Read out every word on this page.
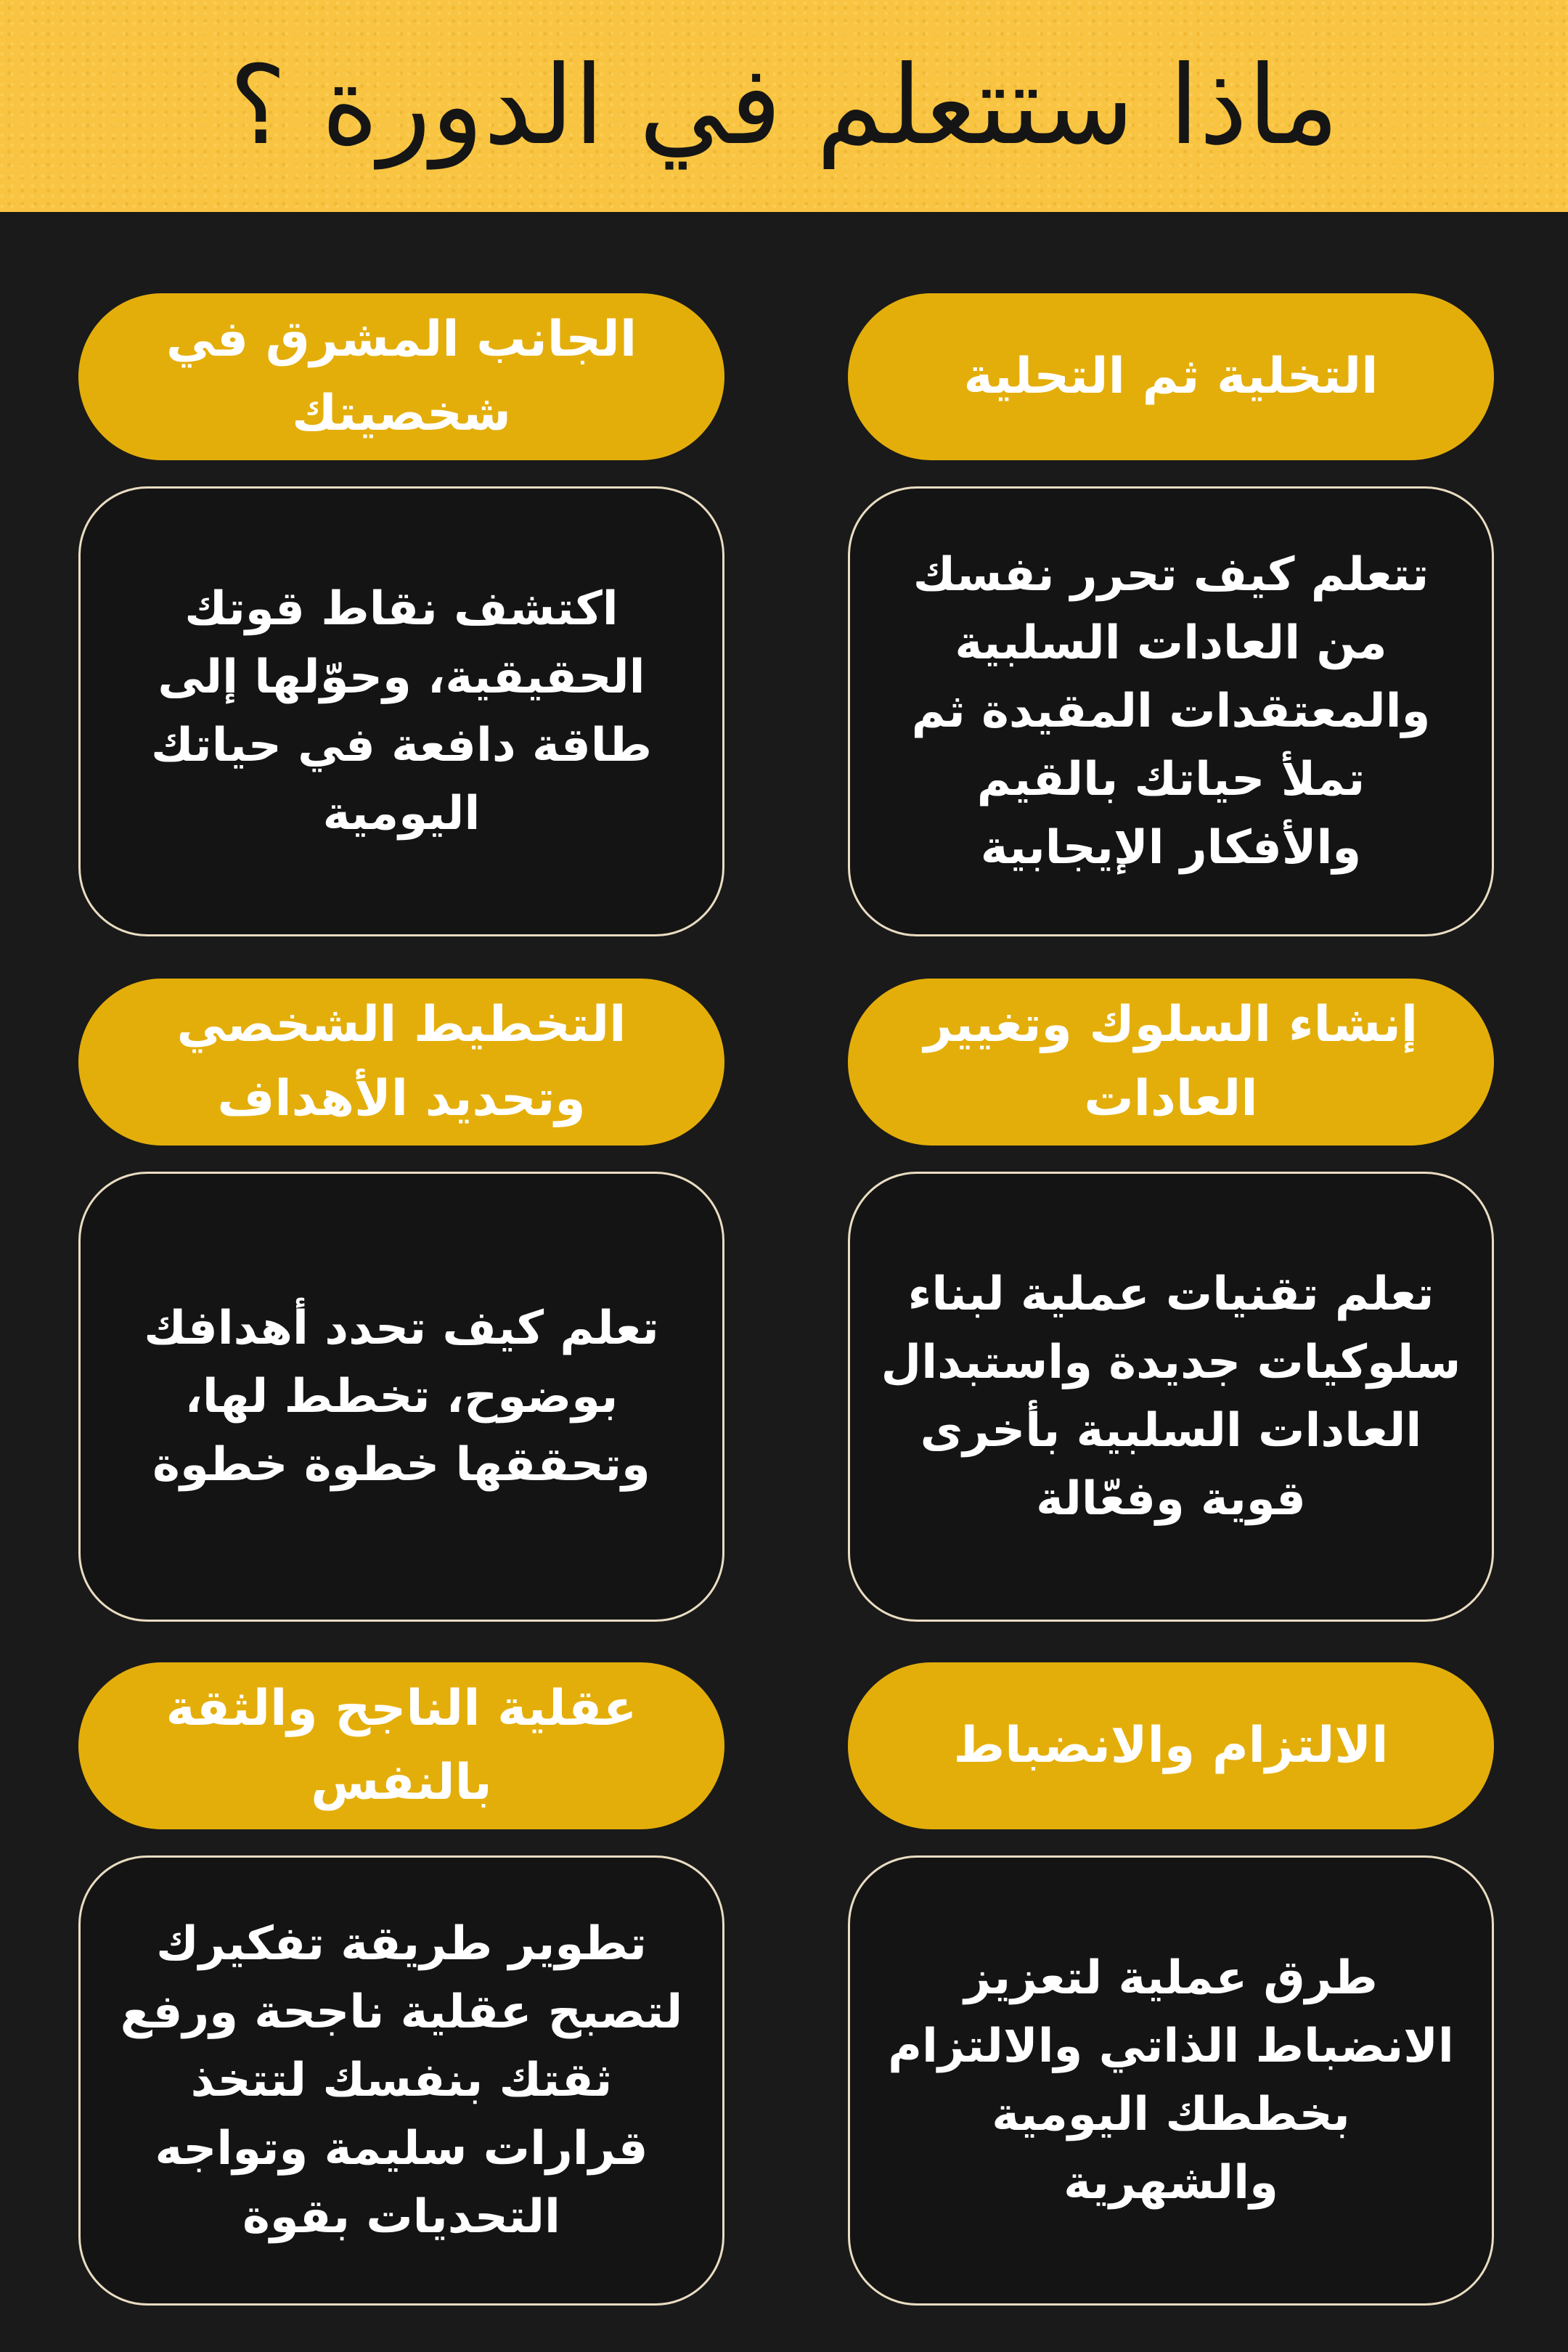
ماذا ستتعلم في الدورة ؟
التخلية ثم التحلية
تتعلم كيف تحرر نفسك من العادات السلبية والمعتقدات المقيدة ثم تملأ حياتك بالقيم والأفكار الإيجابية
الجانب المشرق في شخصيتك
اكتشف نقاط قوتك الحقيقية، وحوّلها إلى طاقة دافعة في حياتك اليومية
إنشاء السلوك وتغيير العادات
تعلم تقنيات عملية لبناء سلوكيات جديدة واستبدال العادات السلبية بأخرى قوية وفعّالة
التخطيط الشخصي وتحديد الأهداف
تعلم كيف تحدد أهدافك بوضوح، تخطط لها، وتحققها خطوة خطوة
الالتزام والانضباط
طرق عملية لتعزيز الانضباط الذاتي والالتزام بخططك اليومية والشهرية
عقلية الناجح والثقة بالنفس
تطوير طريقة تفكيرك لتصبح عقلية ناجحة ورفع ثقتك بنفسك لتتخذ قرارات سليمة وتواجه التحديات بقوة
